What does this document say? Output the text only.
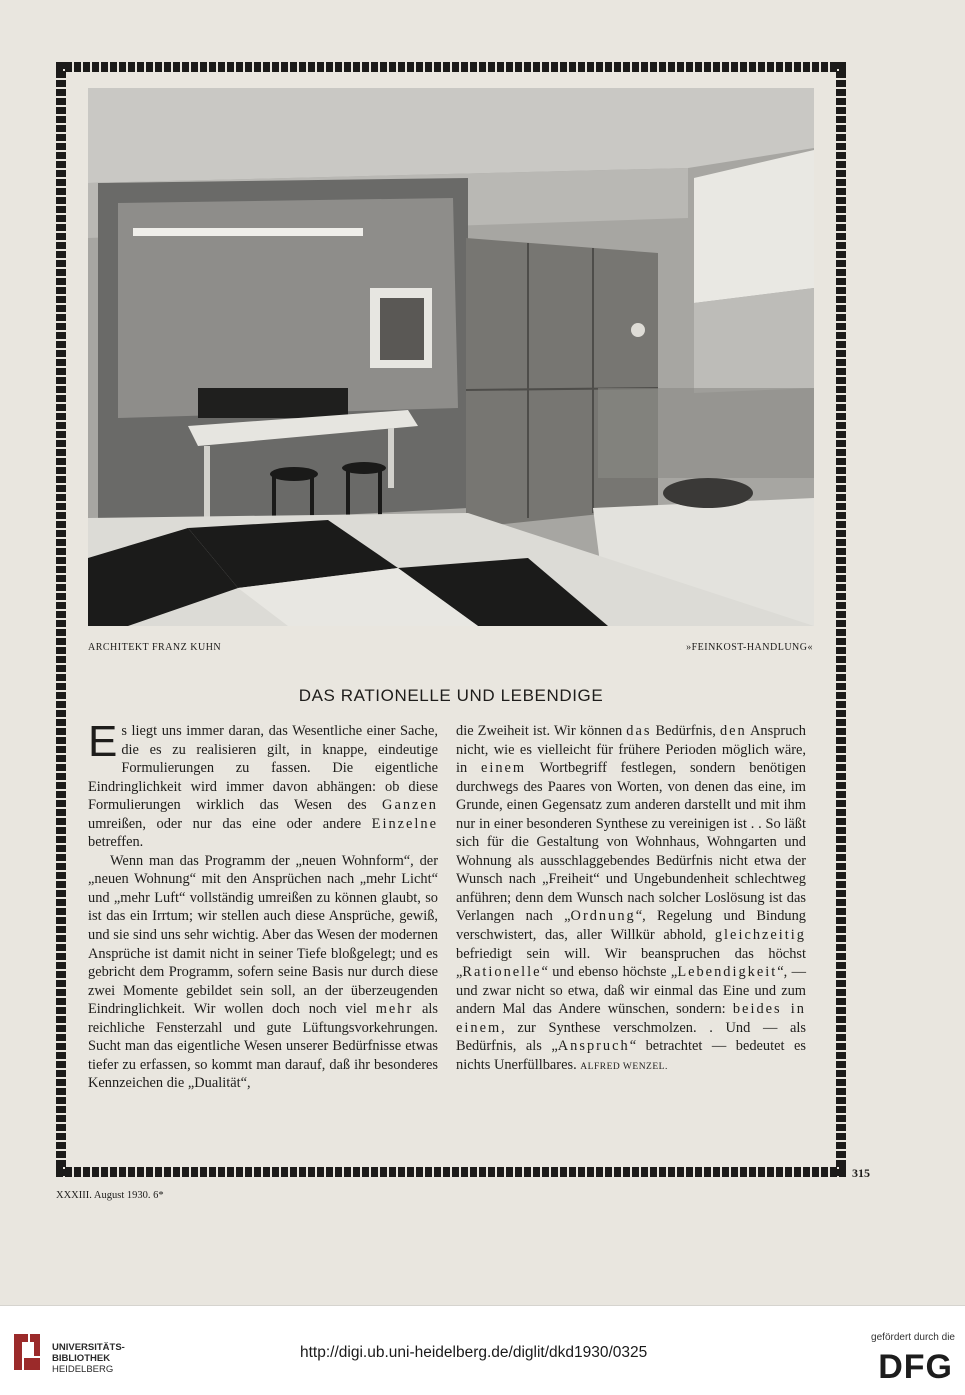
ARCHITEKT FRANZ KUHN	»FEINKOST-HANDLUNG«
DAS RATIONELLE UND LEBENDIGE

Es liegt uns immer daran, das Wesentliche einer Sache, die es zu realisieren gilt, in knappe, eindeutige Formulierungen zu fassen. Die eigentliche Eindringlichkeit wird immer davon abhängen: ob diese Formulierungen wirklich das Wesen des Ganzen umreißen, oder nur das eine oder andere Einzelne betreffen.

Wenn man das Programm der „neuen Wohnform“, der „neuen Wohnung“ mit den Ansprüchen nach „mehr Licht“ und „mehr Luft“ vollständig umreißen zu können glaubt, so ist das ein Irrtum; wir stellen auch diese Ansprüche, gewiß, und sie sind uns sehr wichtig. Aber das Wesen der modernen Ansprüche ist damit nicht in seiner Tiefe bloßgelegt; und es gebricht dem Programm, sofern seine Basis nur durch diese zwei Momente gebildet sein soll, an der überzeugenden Eindringlichkeit. Wir wollen doch noch viel mehr als reichliche Fensterzahl und gute Lüftungsvorkehrungen. Sucht man das eigentliche Wesen unserer Bedürfnisse etwas tiefer zu erfassen, so kommt man darauf, daß ihr besonderes Kennzeichen die „Dualität“,

die Zweiheit ist. Wir können das Bedürfnis, den Anspruch nicht, wie es vielleicht für frühere Perioden möglich wäre, in einem Wortbegriff festlegen, sondern benötigen durchwegs des Paares von Worten, von denen das eine, im Grunde, einen Gegensatz zum anderen darstellt und mit ihm nur in einer besonderen Synthese zu vereinigen ist . . So läßt sich für die Gestaltung von Wohnhaus, Wohngarten und Wohnung als ausschlaggebendes Bedürfnis nicht etwa der Wunsch nach „Freiheit“ und Ungebundenheit schlechtweg anführen; denn dem Wunsch nach solcher Loslösung ist das Verlangen nach „Ordnung“, Regelung und Bindung verschwistert, das, aller Willkür abhold, gleichzeitig befriedigt sein will. Wir beanspruchen das höchst „Rationelle“ und ebenso höchste „Lebendigkeit“, — und zwar nicht so etwa, daß wir einmal das Eine und zum andern Mal das Andere wünschen, sondern: beides in einem, zur Synthese verschmolzen. . Und — als Bedürfnis, als „Anspruch“ betrachtet — bedeutet es nichts Unerfüllbares. ALFRED WENZEL.

315
XXXIII. August 1930. 6*
UNIVERSITÄTS-
BIBLIOTHEK
HEIDELBERG
http://digi.ub.uni-heidelberg.de/diglit/dkd1930/0325
gefördert durch die
DFG
